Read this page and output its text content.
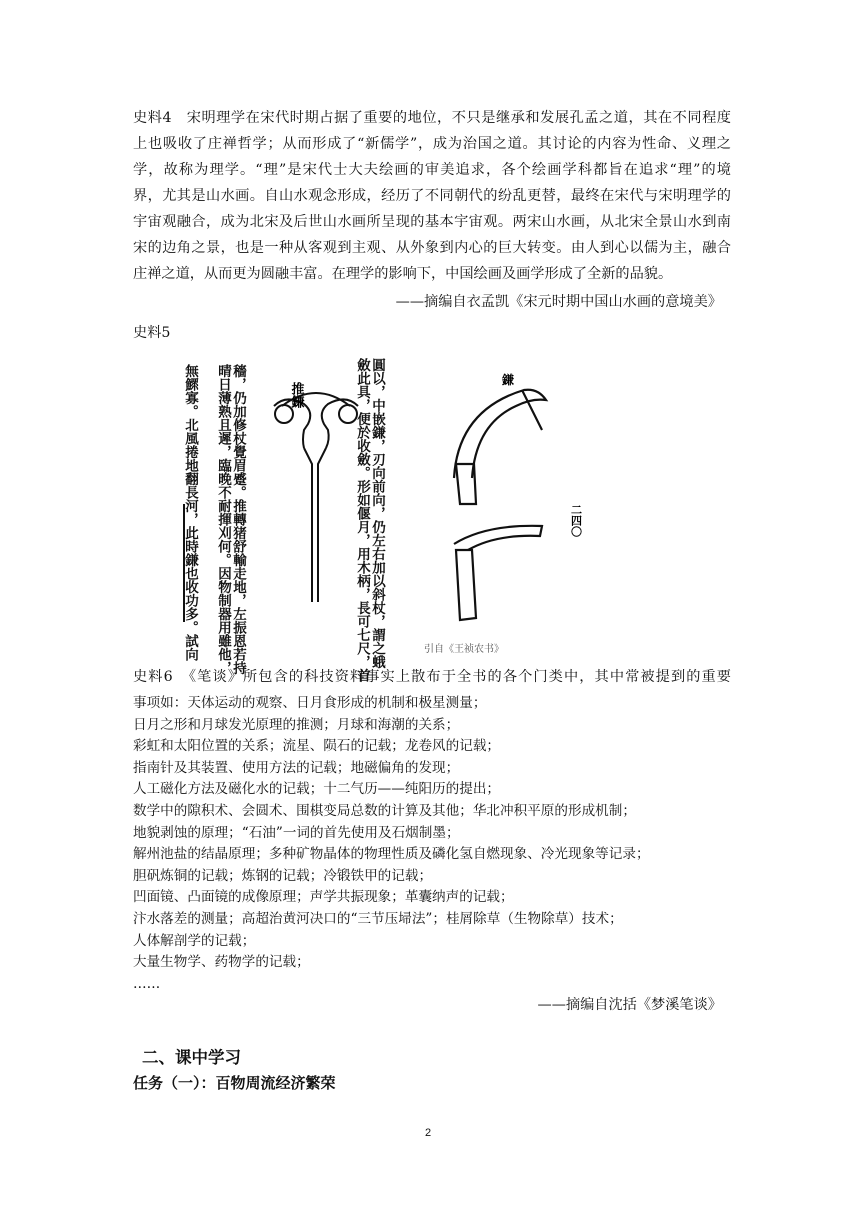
史料4　宋明理学在宋代时期占据了重要的地位，不只是继承和发展孔孟之道，其在不同程度
上也吸收了庄禅哲学；从而形成了“新儒学”，成为治国之道。其讨论的内容为性命、义理之
学，故称为理学。“理”是宋代士大夫绘画的审美追求，各个绘画学科都旨在追求“理”的境
界，尤其是山水画。自山水观念形成，经历了不同朝代的纷乱更替，最终在宋代与宋明理学的
宇宙观融合，成为北宋及后世山水画所呈现的基本宇宙观。两宋山水画，从北宋全景山水到南
宋的边角之景，也是一种从客观到主观、从外象到内心的巨大转变。由人到心以儒为主，融合
庄禅之道，从而更为圆融丰富。在理学的影响下，中国绘画及画学形成了全新的品貌。
——摘编自衣孟凯《宋元时期中国山水画的意境美》
史料5
無鰥寡。北風捲地翻長河，此時鎌也收功多。試向 晴日薄熟且遲，臨晚不耐揮刈何。因物制器用雖他， 穡，仍加修杖覺眉蹙。推轉猪舒輸走地，左振恩若持	斂此具，便於收斂。形如偃月，用木柄，長可七尺，首 圓以，中嵌鎌，刃向前向，仍左右加以斜杖，謂之蛾
推鎌
鎌
二四〇
引自《王祯农书》
史料6　《笔谈》所包含的科技资料事实上散布于全书的各个门类中，其中常被提到的重要
事项如：天体运动的观察、日月食形成的机制和极星测量；
日月之形和月球发光原理的推测；月球和海潮的关系；
彩虹和太阳位置的关系；流星、陨石的记载；龙卷风的记载；
指南针及其装置、使用方法的记载；地磁偏角的发现；
人工磁化方法及磁化水的记载；十二气历——纯阳历的提出；
数学中的隙积术、会圆术、围棋变局总数的计算及其他；华北冲积平原的形成机制；
地貌剥蚀的原理；“石油”一词的首先使用及石烟制墨；
解州池盐的结晶原理；多种矿物晶体的物理性质及磷化氢自燃现象、冷光现象等记录；
胆矾炼铜的记载；炼钢的记载；冷锻铁甲的记载；
凹面镜、凸面镜的成像原理；声学共振现象；革囊纳声的记载；
汴水落差的测量；高超治黄河决口的“三节压埽法”；桂屑除草（生物除草）技术；
人体解剖学的记载；
大量生物学、药物学的记载；
……
——摘编自沈括《梦溪笔谈》
二、课中学习
任务（一）：百物周流经济繁荣
2
